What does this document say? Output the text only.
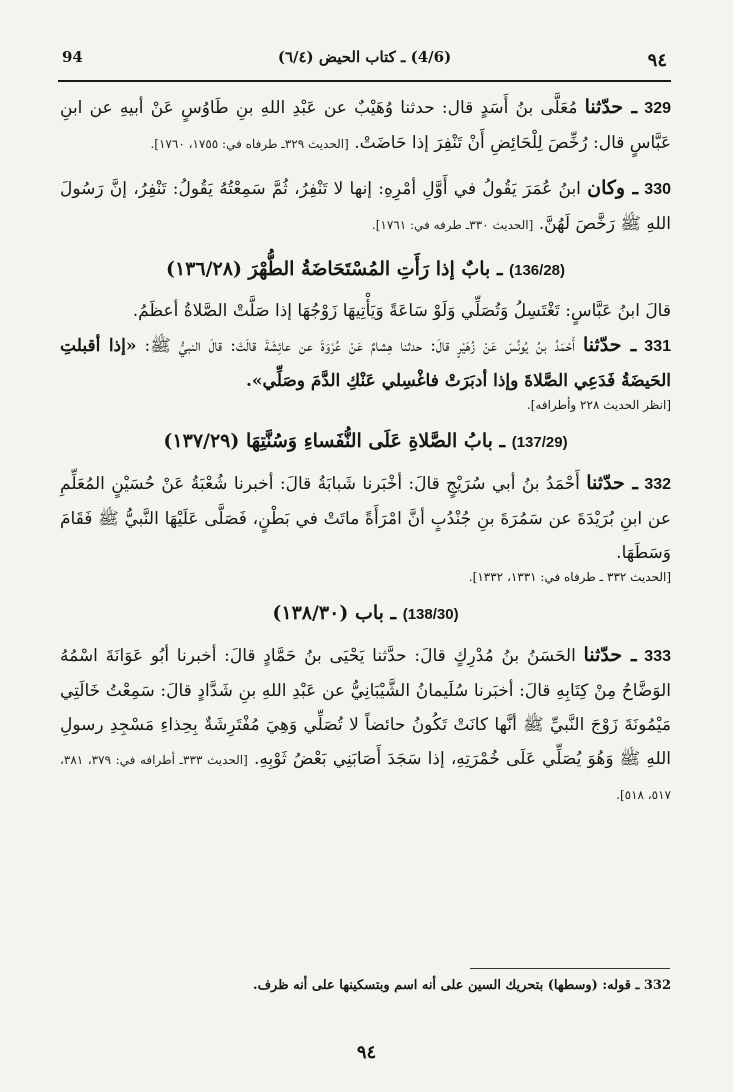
94	(4/6) ـ كتاب الحيض (٦/٤)	٩٤

329 ـ حدّثنا مُعَلَّى بنُ أَسَدٍ قال: حدثنا وُهَيْبٌ عن عَبْدِ اللهِ بنِ طَاوُسٍ عَنْ أبيهِ عن ابنِ عَبَّاسٍ قال: رُخِّصَ لِلْحَائِضِ أَنْ تَنْفِرَ إذا حَاضَتْ. [الحديث ٣٢٩ـ طرفاه في: ١٧٥٥، ١٧٦٠].

330 ـ وكان ابنُ عُمَرَ يَقُولُ في أَوَّلِ أمْرِهِ: إنها لا تَنْفِرُ، ثُمَّ سَمِعْتُهُ يَقُولُ: تَنْفِرُ، إنَّ رَسُولَ اللهِ ﷺ رَخَّصَ لَهُنَّ. [الحديث ٣٣٠ـ طرفه في: ١٧٦١].

(136/28) ـ بابٌ إذا رَأَتِ المُسْتَحَاضَةُ الطُّهْرَ (١٣٦/٢٨)

قالَ ابنُ عَبَّاسٍ: تَغْتَسِلُ وَتُصَلِّي وَلَوْ سَاعَةً وَيَأْتِيهَا زَوْجُهَا إذا صَلَّتْ الصَّلاةُ أعظَمُ.

331 ـ حدّثنا أَحْمَدُ بنُ يُونُسَ عَنْ زُهَيْرٍ قالَ: حدثنا هِشامٌ عَنْ عُرْوَةَ عن عائِشَةَ قالَتْ: قالَ النبيُّ ﷺ: «إذا أقبلتِ الحَيضَةُ فَدَعِي الصَّلاةَ وإذا أدبَرَتْ فاغْسِلي عَنْكِ الدَّمَ وصَلِّي».

[انظر الحديث ٢٢٨ وأطرافه].
(137/29) ـ بابُ الصَّلاةِ عَلَى النُّفَساءِ وَسُنَّتِهَا (١٣٧/٢٩)

332 ـ حدّثنا أَحْمَدُ بنُ أبي سُرَيْجٍ قالَ: أخْبَرنا شَبابَةُ قالَ: أخبرنا شُعْبَةُ عَنْ حُسَيْنٍ المُعَلِّمِ عن ابنِ بُرَيْدَةَ عن سَمُرَةَ بنِ جُنْدُبٍ أنَّ امْرَأَةً ماتَتْ في بَطْنٍ، فَصَلَّى عَلَيْهَا النَّبيُّ ﷺ فَقَامَ وَسَطَهَا.

[الحديث ٣٣٢ ـ طرفاه في: ١٣٣١، ١٣٣٢].
(138/30) ـ باب (١٣٨/٣٠)

333 ـ حدّثنا الحَسَنُ بنُ مُدْرِكٍ قالَ: حدَّثنا يَحْيَى بنُ حَمَّادٍ قالَ: أخبرنا أبُو عَوَانَةَ اسْمُهُ الوَضَّاحُ مِنْ كِتَابِهِ قالَ: أخبَرنا سُلَيمانُ الشَّيْبَانِيُّ عن عَبْدِ اللهِ بنِ شَدَّادٍ قالَ: سَمِعْتُ خَالَتِي مَيْمُونَةَ زَوْجَ النَّبيِّ ﷺ أنَّها كانَتْ تَكُونُ حائضاً لا تُصَلِّي وَهِيَ مُفْتَرِشَةٌ بِحِذاءِ مَسْجِدِ رسولِ اللهِ ﷺ وَهُوَ يُصَلِّي عَلَى خُمْرَتِهِ، إذا سَجَدَ أَصَابَنِي بَعْضُ ثَوْبِهِ. [الحديث ٣٣٣ـ أطرافه في: ٣٧٩، ٣٨١، ٥١٧، ٥١٨].

332 ـ قوله: (وسطها) بتحريك السين على أنه اسم وبتسكينها على أنه ظرف.
٩٤
